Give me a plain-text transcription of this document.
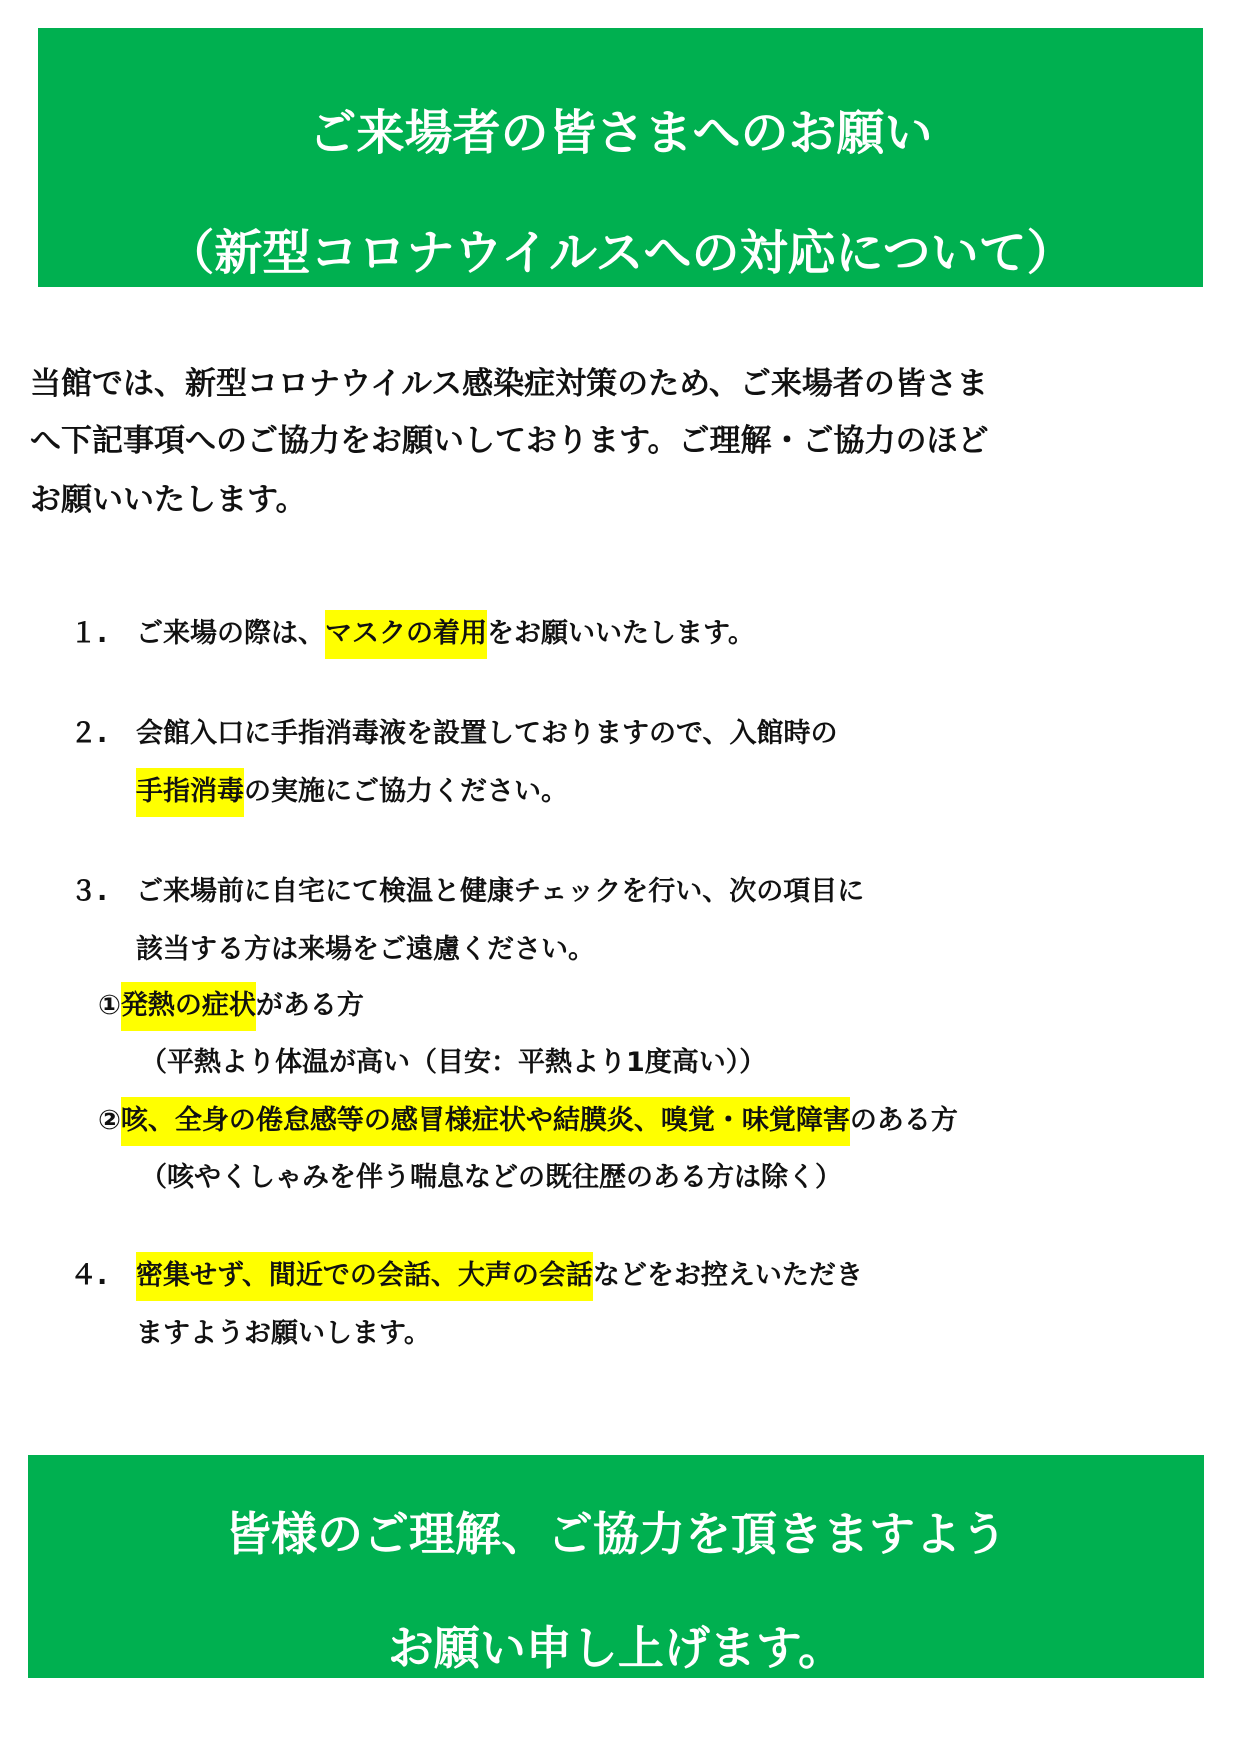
ご来場者の皆さまへのお願い
（新型コロナウイルスへの対応について）
当館では、新型コロナウイルス感染症対策のため、ご来場者の皆さま
へ下記事項へのご協力をお願いしております。ご理解・ご協力のほど
お願いいたします。
１. ご来場の際は、マスクの着用をお願いいたします。
２. 会館入口に手指消毒液を設置しておりますので、入館時の
手指消毒の実施にご協力ください。
３. ご来場前に自宅にて検温と健康チェックを行い、次の項目に
該当する方は来場をご遠慮ください。
①発熱の症状がある方
（平熱より体温が高い（目安：平熱より1度高い））
②咳、全身の倦怠感等の感冒様症状や結膜炎、嗅覚・味覚障害のある方
（咳やくしゃみを伴う喘息などの既往歴のある方は除く）
４. 密集せず、間近での会話、大声の会話などをお控えいただき
ますようお願いします。
皆様のご理解、ご協力を頂きますよう
お願い申し上げます。
